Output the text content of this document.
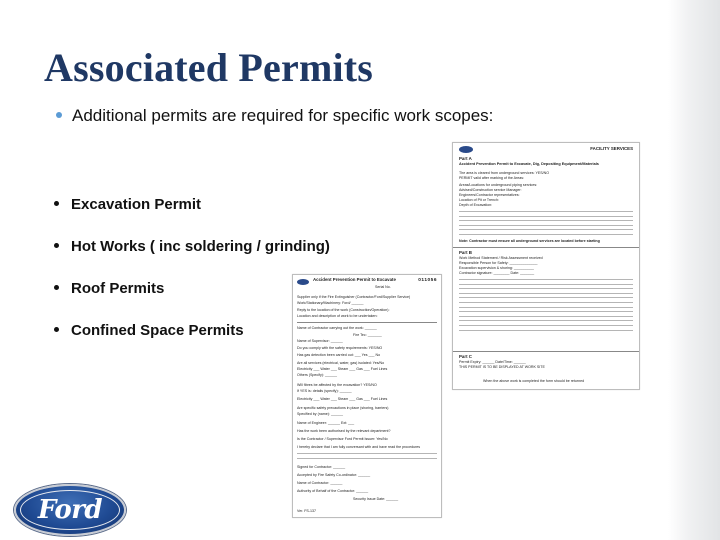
Associated Permits
Additional permits are required for specific work scopes:
Excavation Permit
Hot Works ( inc soldering / grinding)
Roof Permits
Confined Space Permits
FACILITY SERVICES
Part A
Accident Prevention Permit to Excavate, Dig, Depositing Equipment/Materials
The area is cleared from underground services: YES/NO
PERMIT valid after marking of the Areas:
Areas/Locations for underground piping services:
Advised/Construction service Manager:
Engineers/Contractor representatives:
Location of Pit or Trench:
Depth of Excavation:
Note: Contractor must ensure all underground services are located before starting
Part B
Work Method Statement / Risk Assessment received
Responsible Person for Safety: ______________
Excavation supervision & shoring: __________
Contractor signature: ________ Date: _______
Part C
Permit Expiry: ______ Date/Time: ______
THIS PERMIT IS TO BE DISPLAYED AT WORK SITE
When the above work is completed the form should be returned
Accident Prevention Permit to Excavate
Serial No.
011056
Supplier only if the Fire Extinguisher (Contractor/Ford/Supplier Service)
Work/Stationary/Machinery: Ford/ ______
Reply to the location of the work (Construction/Operation):
Location and description of work to be undertaken:
Name of Contractor carrying out the work: ______
Fire Tec: _______
Name of Supervisor: ______
Do you comply with the safety requirements: YES/NO
Has gas detection been carried out: ___ Yes ___ No
Are all services (electrical, water, gas) isolated: Yes/No
Electricity ___ Water ___ Steam ___ Gas ___ Fuel Lines
Others (Specify): ______
Will fibres be affected by the excavation? YES/NO
If YES is: details (specify): ______
Electricity ___ Water ___ Steam ___ Gas ___ Fuel Lines
Are specific safety precautions in place (shoring, barriers)
Specified by (name): ______
Name of Engineer: ______ Ext: ___
Has the work been authorised by the relevant department?
Is the Contractor / Supervisor Ford Permit Issuer: Yes/No
I hereby declare that I am fully conversant with and have read the procedures
Signed for Contractor: ______
Accepted by Fire Safety Co-ordinator: ______
Name of Contractor: ______
Authority of Behalf of the Contractor: ______
Security Issue Date: ______
Ver. FS-137
Ford
